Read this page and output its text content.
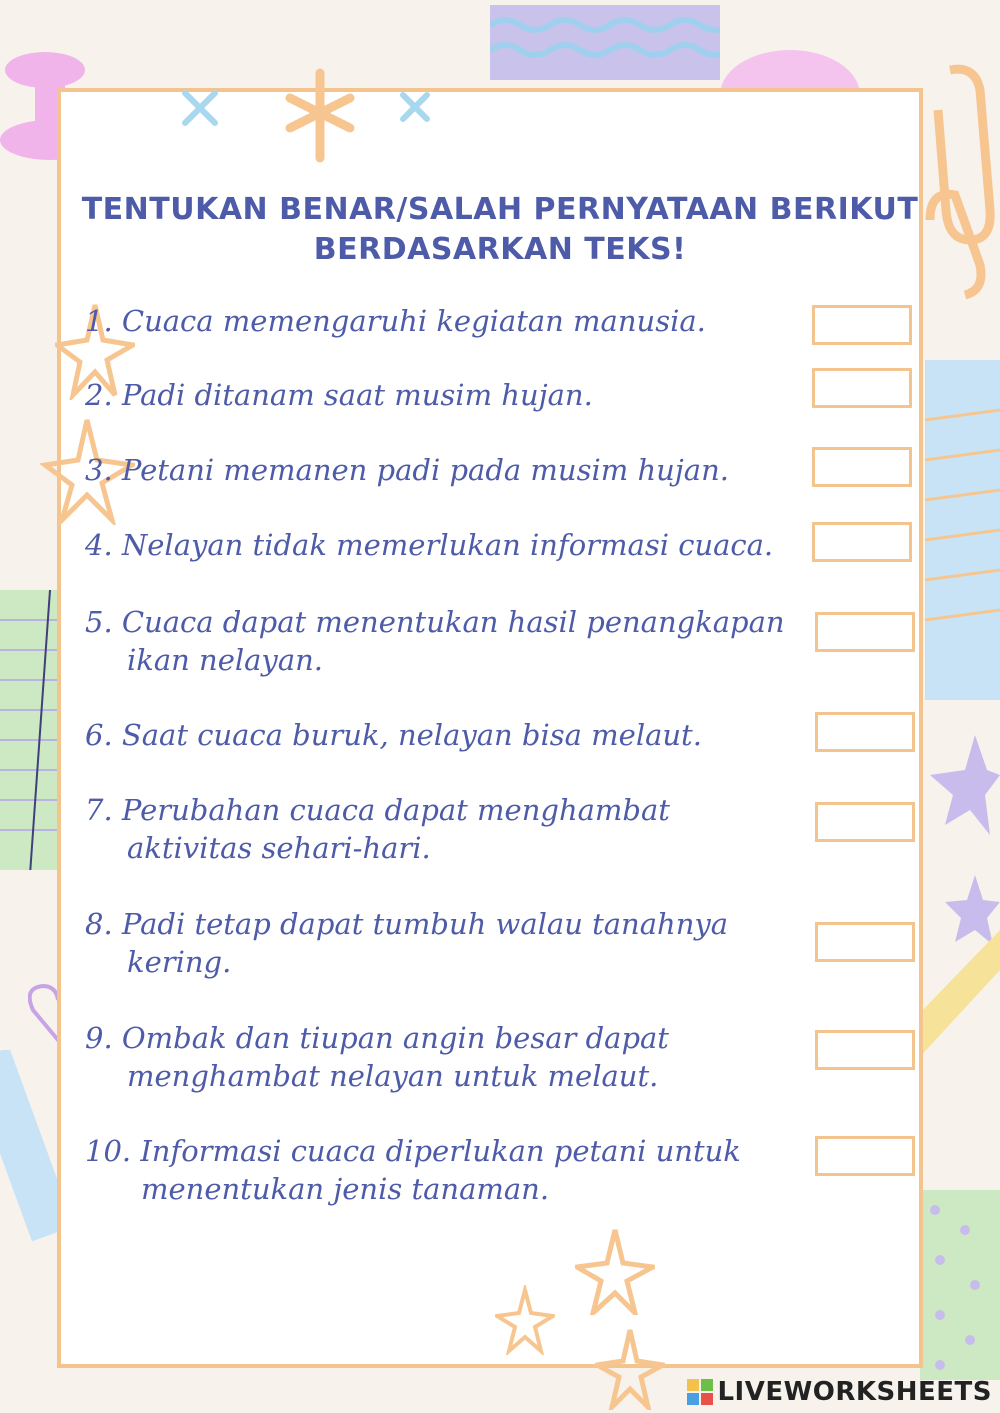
TENTUKAN BENAR/SALAH PERNYATAAN BERIKUT
BERDASARKAN TEKS!
1. Cuaca memengaruhi kegiatan manusia.
2. Padi ditanam saat musim hujan.
3. Petani memanen padi pada musim hujan.
4. Nelayan tidak memerlukan informasi cuaca.
5. Cuaca dapat menentukan hasil penangkapan
ikan nelayan.
6. Saat cuaca buruk, nelayan bisa melaut.
7. Perubahan cuaca dapat menghambat
aktivitas sehari-hari.
8. Padi tetap dapat tumbuh walau tanahnya
kering.
9. Ombak dan tiupan angin besar dapat
menghambat nelayan untuk melaut.
10. Informasi cuaca diperlukan petani untuk
menentukan jenis tanaman.
LIVEWORKSHEETS
